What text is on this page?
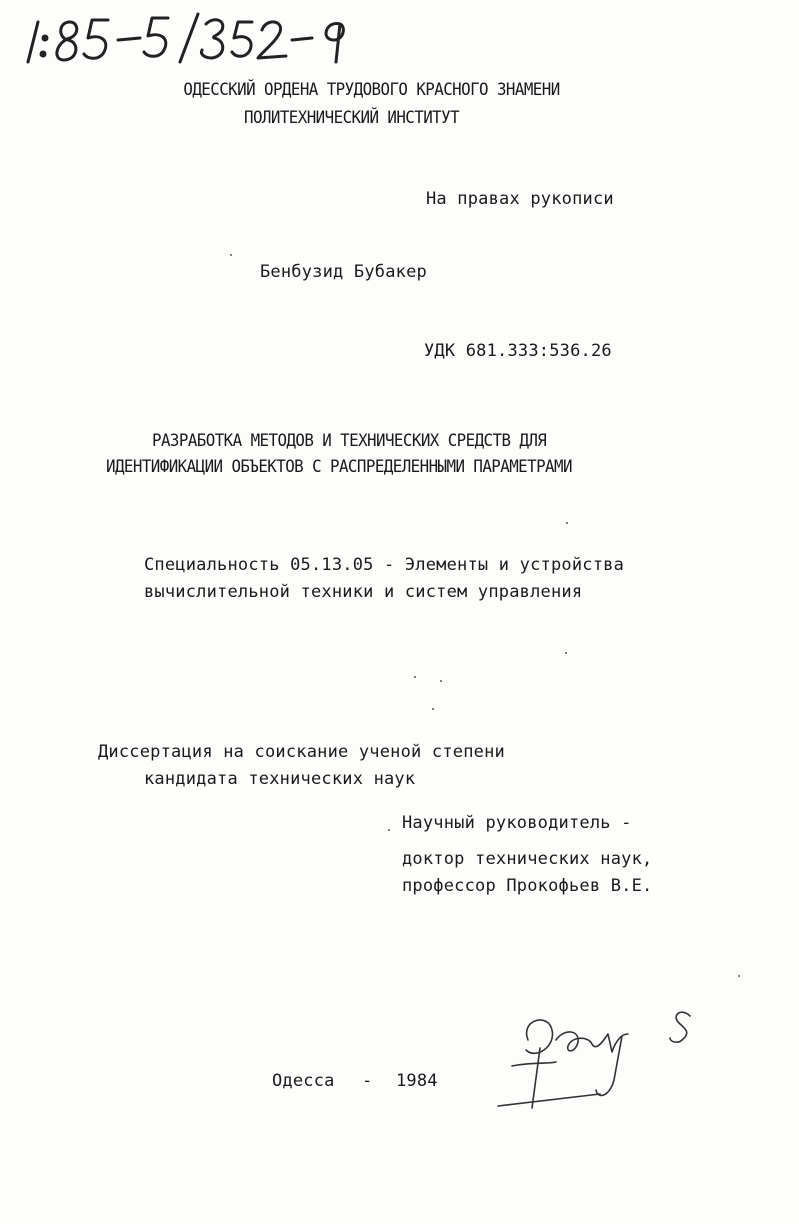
ОДЕССКИЙ ОРДЕНА ТРУДОВОГО КРАСНОГО ЗНАМЕНИ
ПОЛИТЕХНИЧЕСКИЙ ИНСТИТУТ
На правах рукописи
Бенбузид Бубакер
УДК 681.333:536.26
РАЗРАБОТКА МЕТОДОВ И ТЕХНИЧЕСКИХ СРЕДСТВ ДЛЯ
ИДЕНТИФИКАЦИИ ОБЪЕКТОВ С РАСПРЕДЕЛЕННЫМИ ПАРАМЕТРАМИ
Специальность 05.13.05 - Элементы и устройства
вычислительной техники и систем управления
Диссертация на соискание ученой степени
кандидата технических наук
Научный руководитель -
доктор технических наук,
профессор Прокофьев В.Е.
Одесса - 1984
